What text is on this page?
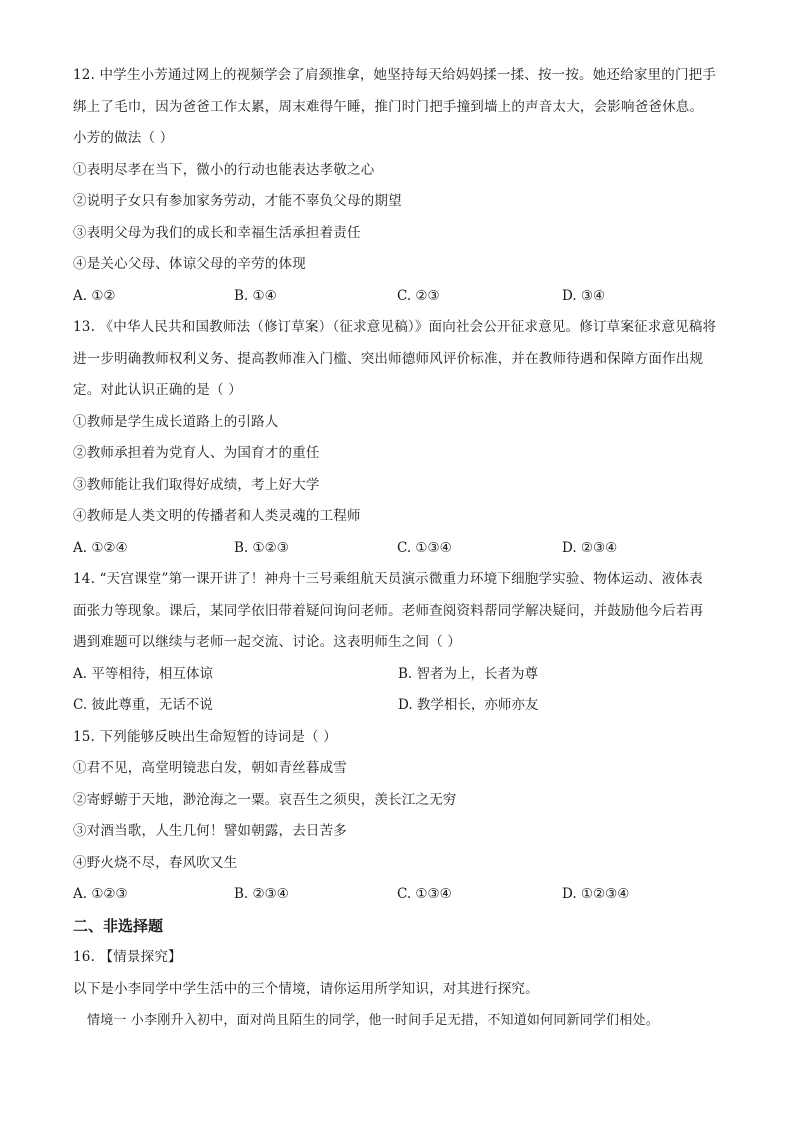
12. 中学生小芳通过网上的视频学会了肩颈推拿，她坚持每天给妈妈揉一揉、按一按。她还给家里的门把手
绑上了毛巾，因为爸爸工作太累，周末难得午睡，推门时门把手撞到墙上的声音太大，会影响爸爸休息。
小芳的做法（ ）
①表明尽孝在当下，微小的行动也能表达孝敬之心
②说明子女只有参加家务劳动，才能不辜负父母的期望
③表明父母为我们的成长和幸福生活承担着责任
④是关心父母、体谅父母的辛劳的体现
A. ①②	B. ①④	C. ②③	D. ③④
13. 《中华人民共和国教师法（修订草案）（征求意见稿）》面向社会公开征求意见。修订草案征求意见稿将
进一步明确教师权利义务、提高教师准入门槛、突出师德师风评价标准，并在教师待遇和保障方面作出规
定。对此认识正确的是（ ）
①教师是学生成长道路上的引路人
②教师承担着为党育人、为国育才的重任
③教师能让我们取得好成绩，考上好大学
④教师是人类文明的传播者和人类灵魂的工程师
A. ①②④	B. ①②③	C. ①③④	D. ②③④
14. “天宫课堂”第一课开讲了！神舟十三号乘组航天员演示微重力环境下细胞学实验、物体运动、液体表
面张力等现象。课后，某同学依旧带着疑问询问老师。老师查阅资料帮同学解决疑问，并鼓励他今后若再
遇到难题可以继续与老师一起交流、讨论。这表明师生之间（ ）
A. 平等相待，相互体谅	B. 智者为上，长者为尊
C. 彼此尊重，无话不说	D. 教学相长，亦师亦友
15. 下列能够反映出生命短暂的诗词是（ ）
①君不见，高堂明镜悲白发，朝如青丝暮成雪
②寄蜉蝣于天地，渺沧海之一粟。哀吾生之须臾，羡长江之无穷
③对酒当歌，人生几何！譬如朝露，去日苦多
④野火烧不尽，春风吹又生
A. ①②③	B. ②③④	C. ①③④	D. ①②③④
二、非选择题
16. 【情景探究】
以下是小李同学中学生活中的三个情境，请你运用所学知识，对其进行探究。
情境一 小李刚升入初中，面对尚且陌生的同学，他一时间手足无措，不知道如何同新同学们相处。
